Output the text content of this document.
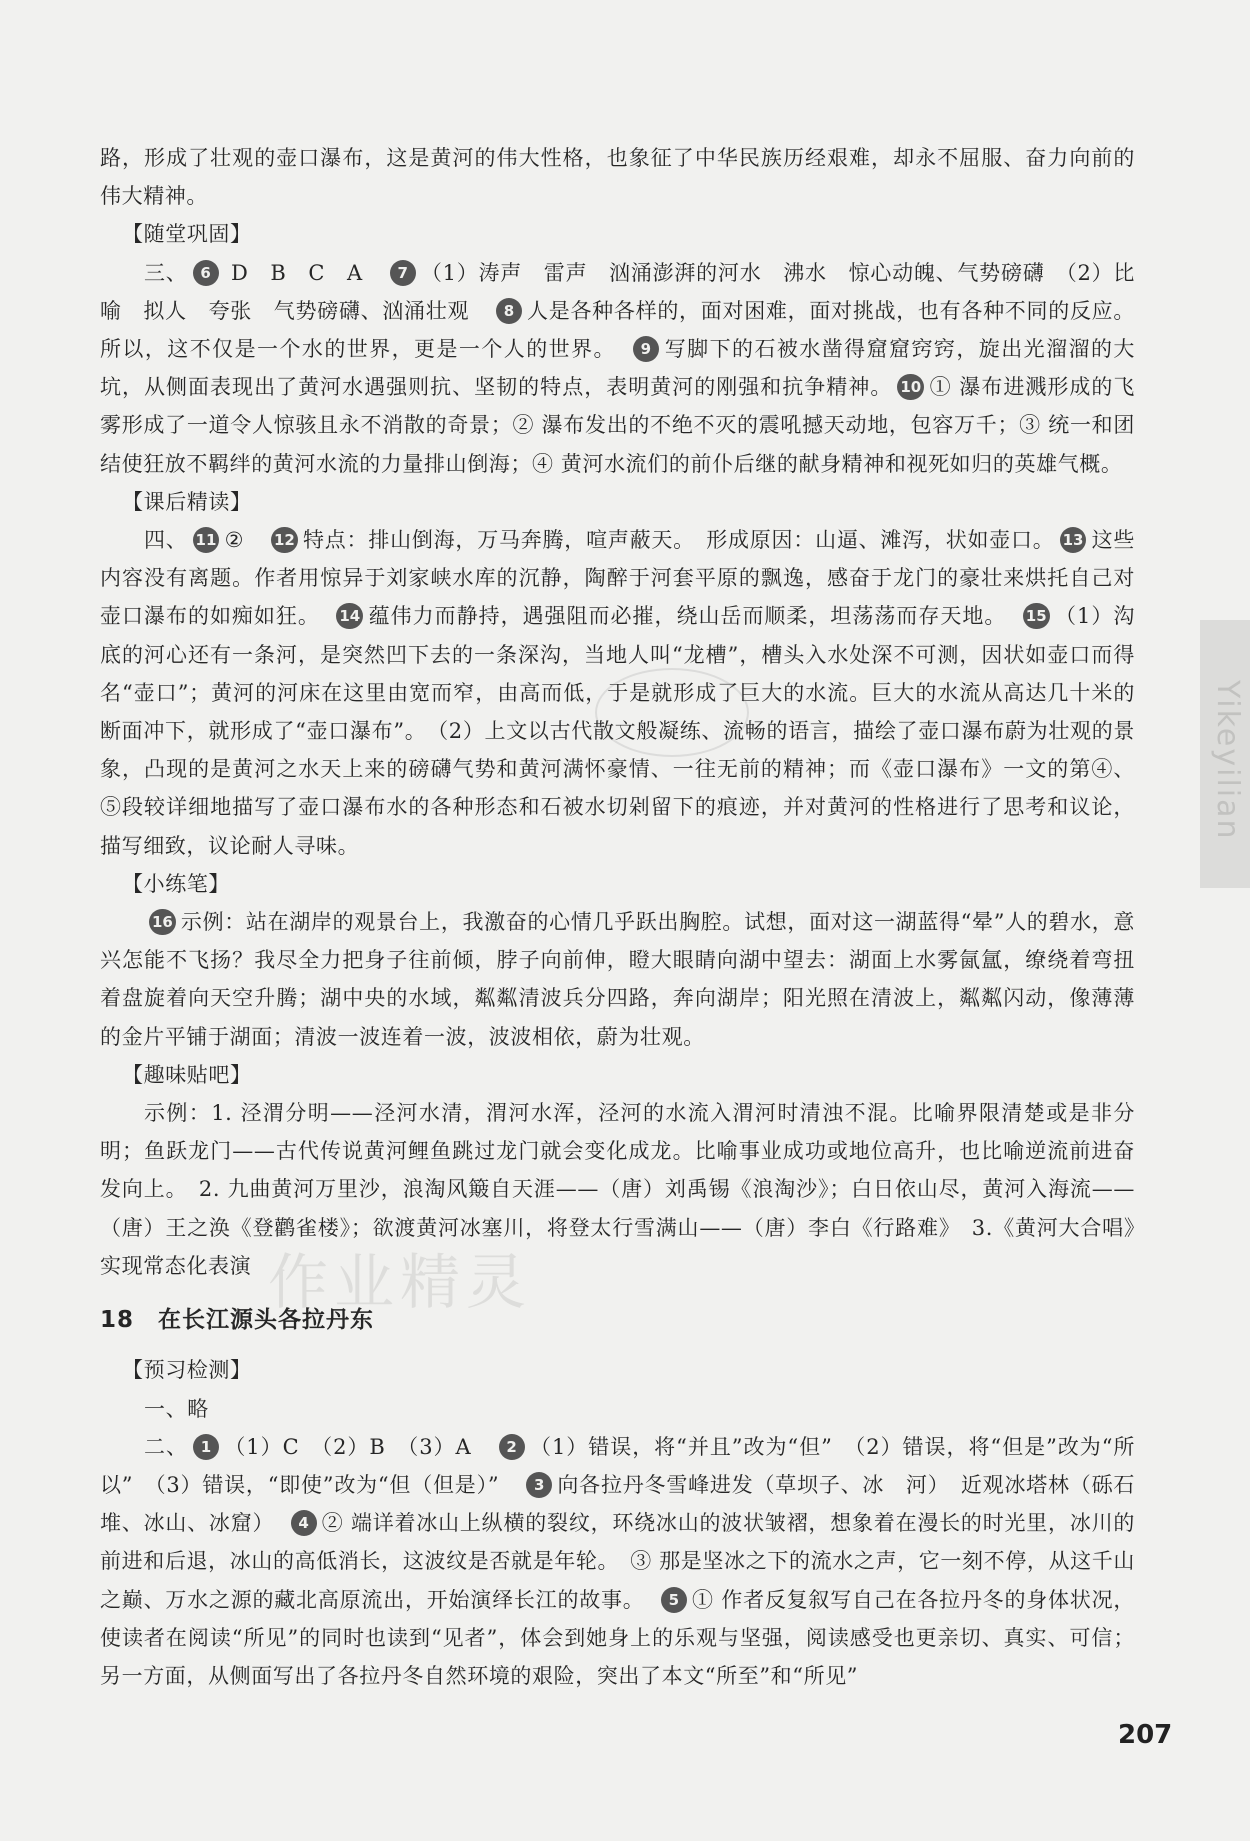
路，形成了壮观的壶口瀑布，这是黄河的伟大性格，也象征了中华民族历经艰难，却永不屈服、奋力向前的伟大精神。

【随堂巩固】

三、 6 D　B　C　A　7 （1）涛声　雷声　汹涌澎湃的河水　沸水　惊心动魄、气势磅礴　（2）比喻　拟人　夸张　气势磅礴、汹涌壮观　8 人是各种各样的，面对困难，面对挑战，也有各种不同的反应。所以，这不仅是一个水的世界，更是一个人的世界。　9 写脚下的石被水凿得窟窟窍窍，旋出光溜溜的大坑，从侧面表现出了黄河水遇强则抗、坚韧的特点，表明黄河的刚强和抗争精神。 10 ① 瀑布进溅形成的飞雾形成了一道令人惊骇且永不消散的奇景；② 瀑布发出的不绝不灭的震吼撼天动地，包容万千；③ 统一和团结使狂放不羁绊的黄河水流的力量排山倒海；④ 黄河水流们的前仆后继的献身精神和视死如归的英雄气概。

【课后精读】

四、 11 ②　12 特点：排山倒海，万马奔腾，喧声蔽天。　形成原因：山逼、滩泻，状如壶口。 13 这些内容没有离题。作者用惊异于刘家峡水库的沉静，陶醉于河套平原的飘逸，感奋于龙门的豪壮来烘托自己对壶口瀑布的如痴如狂。　14 蕴伟力而静持，遇强阻而必摧，绕山岳而顺柔，坦荡荡而存天地。　15 （1）沟底的河心还有一条河，是突然凹下去的一条深沟，当地人叫“龙槽”，槽头入水处深不可测，因状如壶口而得名“壶口”；黄河的河床在这里由宽而窄，由高而低，于是就形成了巨大的水流。巨大的水流从高达几十米的断面冲下，就形成了“壶口瀑布”。　（2）上文以古代散文般凝练、流畅的语言，描绘了壶口瀑布蔚为壮观的景象，凸现的是黄河之水天上来的磅礴气势和黄河满怀豪情、一往无前的精神；而《壶口瀑布》一文的第④、⑤段较详细地描写了壶口瀑布水的各种形态和石被水切剁留下的痕迹，并对黄河的性格进行了思考和议论，描写细致，议论耐人寻味。

【小练笔】

16 示例：站在湖岸的观景台上，我激奋的心情几乎跃出胸腔。试想，面对这一湖蓝得“晕”人的碧水，意兴怎能不飞扬？我尽全力把身子往前倾，脖子向前伸，瞪大眼睛向湖中望去：湖面上水雾氤氲，缭绕着弯扭着盘旋着向天空升腾；湖中央的水域，粼粼清波兵分四路，奔向湖岸；阳光照在清波上，粼粼闪动，像薄薄的金片平铺于湖面；清波一波连着一波，波波相依，蔚为壮观。

【趣味贴吧】

示例：1. 泾渭分明——泾河水清，渭河水浑，泾河的水流入渭河时清浊不混。比喻界限清楚或是非分明；鱼跃龙门——古代传说黄河鲤鱼跳过龙门就会变化成龙。比喻事业成功或地位高升，也比喻逆流前进奋发向上。　2. 九曲黄河万里沙，浪淘风簸自天涯——（唐）刘禹锡《浪淘沙》；白日依山尽，黄河入海流——（唐）王之涣《登鹳雀楼》；欲渡黄河冰塞川，将登太行雪满山——（唐）李白《行路难》　3.《黄河大合唱》实现常态化表演

18　在长江源头各拉丹东

【预习检测】

一、略

二、 1 （1）C　（2）B　（3）A　2 （1）错误，将“并且”改为“但”　（2）错误，将“但是”改为“所以”　（3）错误，“即使”改为“但（但是）”　3 向各拉丹冬雪峰进发（草坝子、冰　河）　近观冰塔林（砾石堆、冰山、冰窟）　4 ② 端详着冰山上纵横的裂纹，环绕冰山的波状皱褶，想象着在漫长的时光里，冰川的前进和后退，冰山的高低消长，这波纹是否就是年轮。　③ 那是坚冰之下的流水之声，它一刻不停，从这千山之巅、万水之源的藏北高原流出，开始演绎长江的故事。　5 ① 作者反复叙写自己在各拉丹冬的身体状况，使读者在阅读“所见”的同时也读到“见者”，体会到她身上的乐观与坚强，阅读感受也更亲切、真实、可信；另一方面，从侧面写出了各拉丹冬自然环境的艰险，突出了本文“所至”和“所见”

作业精灵
Yikeyilian
207
